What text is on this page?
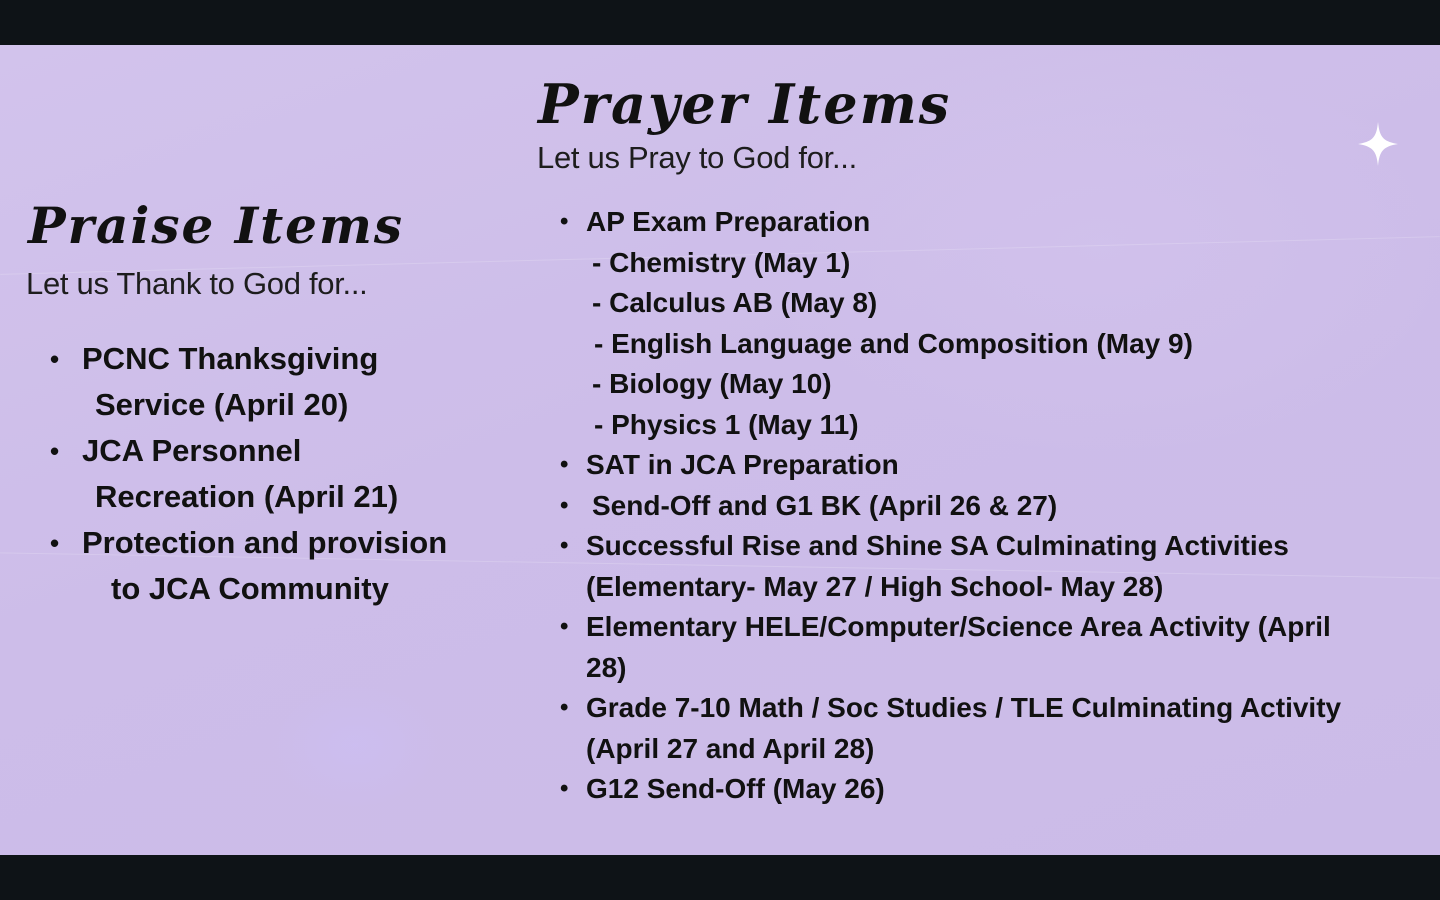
Prayer Items
Let us Pray to God for...
• AP Exam Preparation
- Chemistry (May 1)
- Calculus AB (May 8)
- English Language and Composition (May 9)
- Biology (May 10)
- Physics 1 (May 11)
• SAT in JCA Preparation
• Send-Off and G1 BK (April 26 & 27)
• Successful Rise and Shine SA Culminating Activities
(Elementary- May 27 / High School- May 28)
• Elementary HELE/Computer/Science Area Activity (April
28)
• Grade 7-10 Math / Soc Studies / TLE Culminating Activity
(April 27 and April 28)
• G12 Send-Off (May 26)
Praise Items
Let us Thank to God for...
• PCNC Thanksgiving
Service (April 20)
• JCA Personnel
Recreation (April 21)
• Protection and provision
to JCA Community
